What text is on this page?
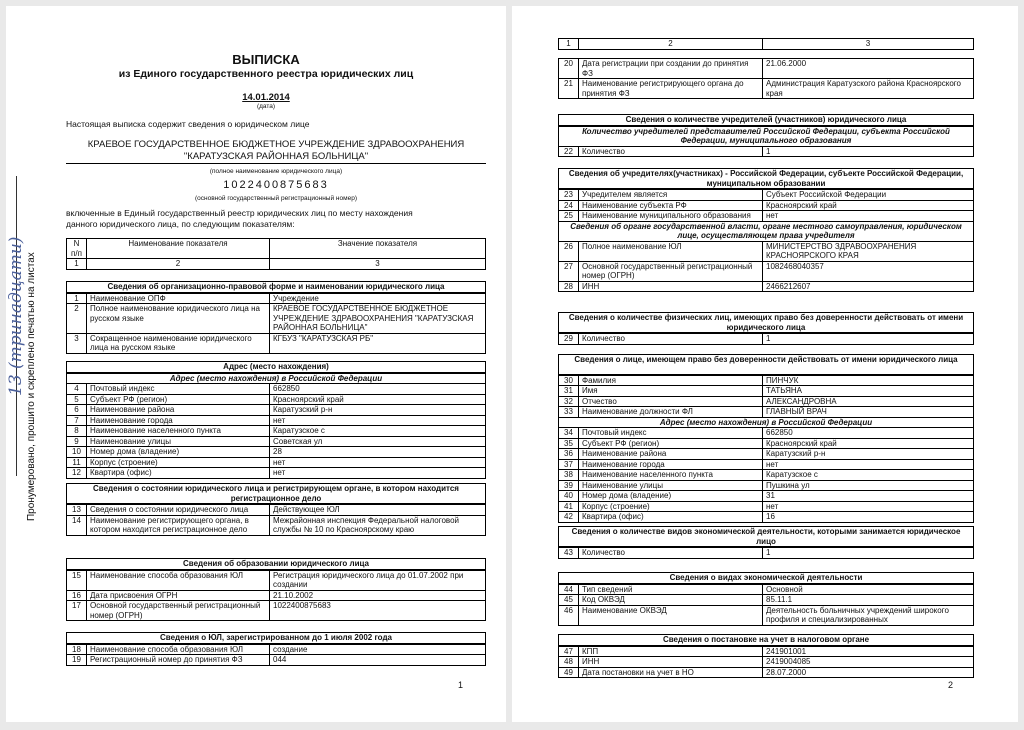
13 (тринадцати) Пронумеровано, прошито и скреплено печатью на листах
ВЫПИСКА
из Единого государственного реестра юридических лиц
14.01.2014
(дата)
Настоящая выписка содержит сведения о юридическом лице
КРАЕВОЕ ГОСУДАРСТВЕННОЕ БЮДЖЕТНОЕ УЧРЕЖДЕНИЕ ЗДРАВООХРАНЕНИЯ "КАРАТУЗСКАЯ РАЙОННАЯ БОЛЬНИЦА"
(полное наименование юридического лица)
1022400875683
(основной государственный регистрационный номер)
включенные в Единый государственный реестр юридических лиц по месту нахождения данного юридического лица, по следующим показателям:
N п/п	Наименование показателя	Значение показателя
1	2	3
Сведения об организационно-правовой форме и наименовании юридического лица		
1	Наименование ОПФ	Учреждение
2	Полное наименование юридического лица на русском языке	КРАЕВОЕ ГОСУДАРСТВЕННОЕ БЮДЖЕТНОЕ УЧРЕЖДЕНИЕ ЗДРАВООХРАНЕНИЯ "КАРАТУЗСКАЯ РАЙОННАЯ БОЛЬНИЦА"
3	Сокращенное наименование юридического лица на русском языке	КГБУЗ "КАРАТУЗСКАЯ РБ"
Адрес (место нахождения)		
Адрес (место нахождения) в Российской Федерации		
4	Почтовый индекс	662850
5	Субъект РФ (регион)	Красноярский край
6	Наименование района	Каратузский р-н
7	Наименование города	нет
8	Наименование населенного пункта	Каратузское с
9	Наименование улицы	Советская ул
10	Номер дома (владение)	28
11	Корпус (строение)	нет
12	Квартира (офис)	нет
Сведения о состоянии юридического лица и регистрирующем органе, в котором находится регистрационное дело		
13	Сведения о состоянии юридического лица	Действующее ЮЛ
14	Наименование регистрирующего органа, в котором находится регистрационное дело	Межрайонная инспекция Федеральной налоговой службы № 10 по Красноярскому краю
Сведения об образовании юридического лица		
15	Наименование способа образования ЮЛ	Регистрация юридического лица до 01.07.2002 при создании
16	Дата присвоения ОГРН	21.10.2002
17	Основной государственный регистрационный номер (ОГРН)	1022400875683
Сведения о ЮЛ, зарегистрированном до 1 июля 2002 года		
18	Наименование способа образования ЮЛ	создание
19	Регистрационный номер до принятия ФЗ	044
1
1	2	3
20	Дата регистрации при создании до принятия ФЗ	21.06.2000
21	Наименование регистрирующего органа до принятия ФЗ	Администрация Каратузского района Красноярского края
Сведения о количестве учредителей (участников) юридического лица
Количество учредителей представителей Российской Федерации, субъекта Российской Федерации, муниципального образования
22	Количество	1
Сведения об учредителях(участниках) - Российской Федерации, субъекте Российской Федерации, муниципальном образовании		
23	Учредителем является	Субъект Российской Федерации
24	Наименование субъекта РФ	Красноярский край
25	Наименование муниципального образования	нет
Сведения об органе государственной власти, органе местного самоуправления, юридическом лице, осуществляющем права учредителя		
26	Полное наименование ЮЛ	МИНИСТЕРСТВО ЗДРАВООХРАНЕНИЯ КРАСНОЯРСКОГО КРАЯ
27	Основной государственный регистрационный номер (ОГРН)	1082468040357
28	ИНН	2466212607
Сведения о количестве физических лиц, имеющих право без доверенности действовать от имени юридического лица
29	Количество	1
Сведения о лице, имеющем право без доверенности действовать от имени юридического лица		
30	Фамилия	ПИНЧУК
31	Имя	ТАТЬЯНА
32	Отчество	АЛЕКСАНДРОВНА
33	Наименование должности ФЛ	ГЛАВНЫЙ ВРАЧ
Адрес (место нахождения) в Российской Федерации		
34	Почтовый индекс	662850
35	Субъект РФ (регион)	Красноярский край
36	Наименование района	Каратузский р-н
37	Наименование города	нет
38	Наименование населенного пункта	Каратузское с
39	Наименование улицы	Пушкина ул
40	Номер дома (владение)	31
41	Корпус (строение)	нет
42	Квартира (офис)	16
Сведения о количестве видов экономической деятельности, которыми занимается юридическое лицо
43	Количество	1
Сведения о видах экономической деятельности		
44	Тип сведений	Основной
45	Код ОКВЭД	85.11.1
46	Наименование ОКВЭД	Деятельность больничных учреждений широкого профиля и специализированных
Сведения о постановке на учет в налоговом органе		
47	КПП	241901001
48	ИНН	2419004085
49	Дата постановки на учет в НО	28.07.2000
2
